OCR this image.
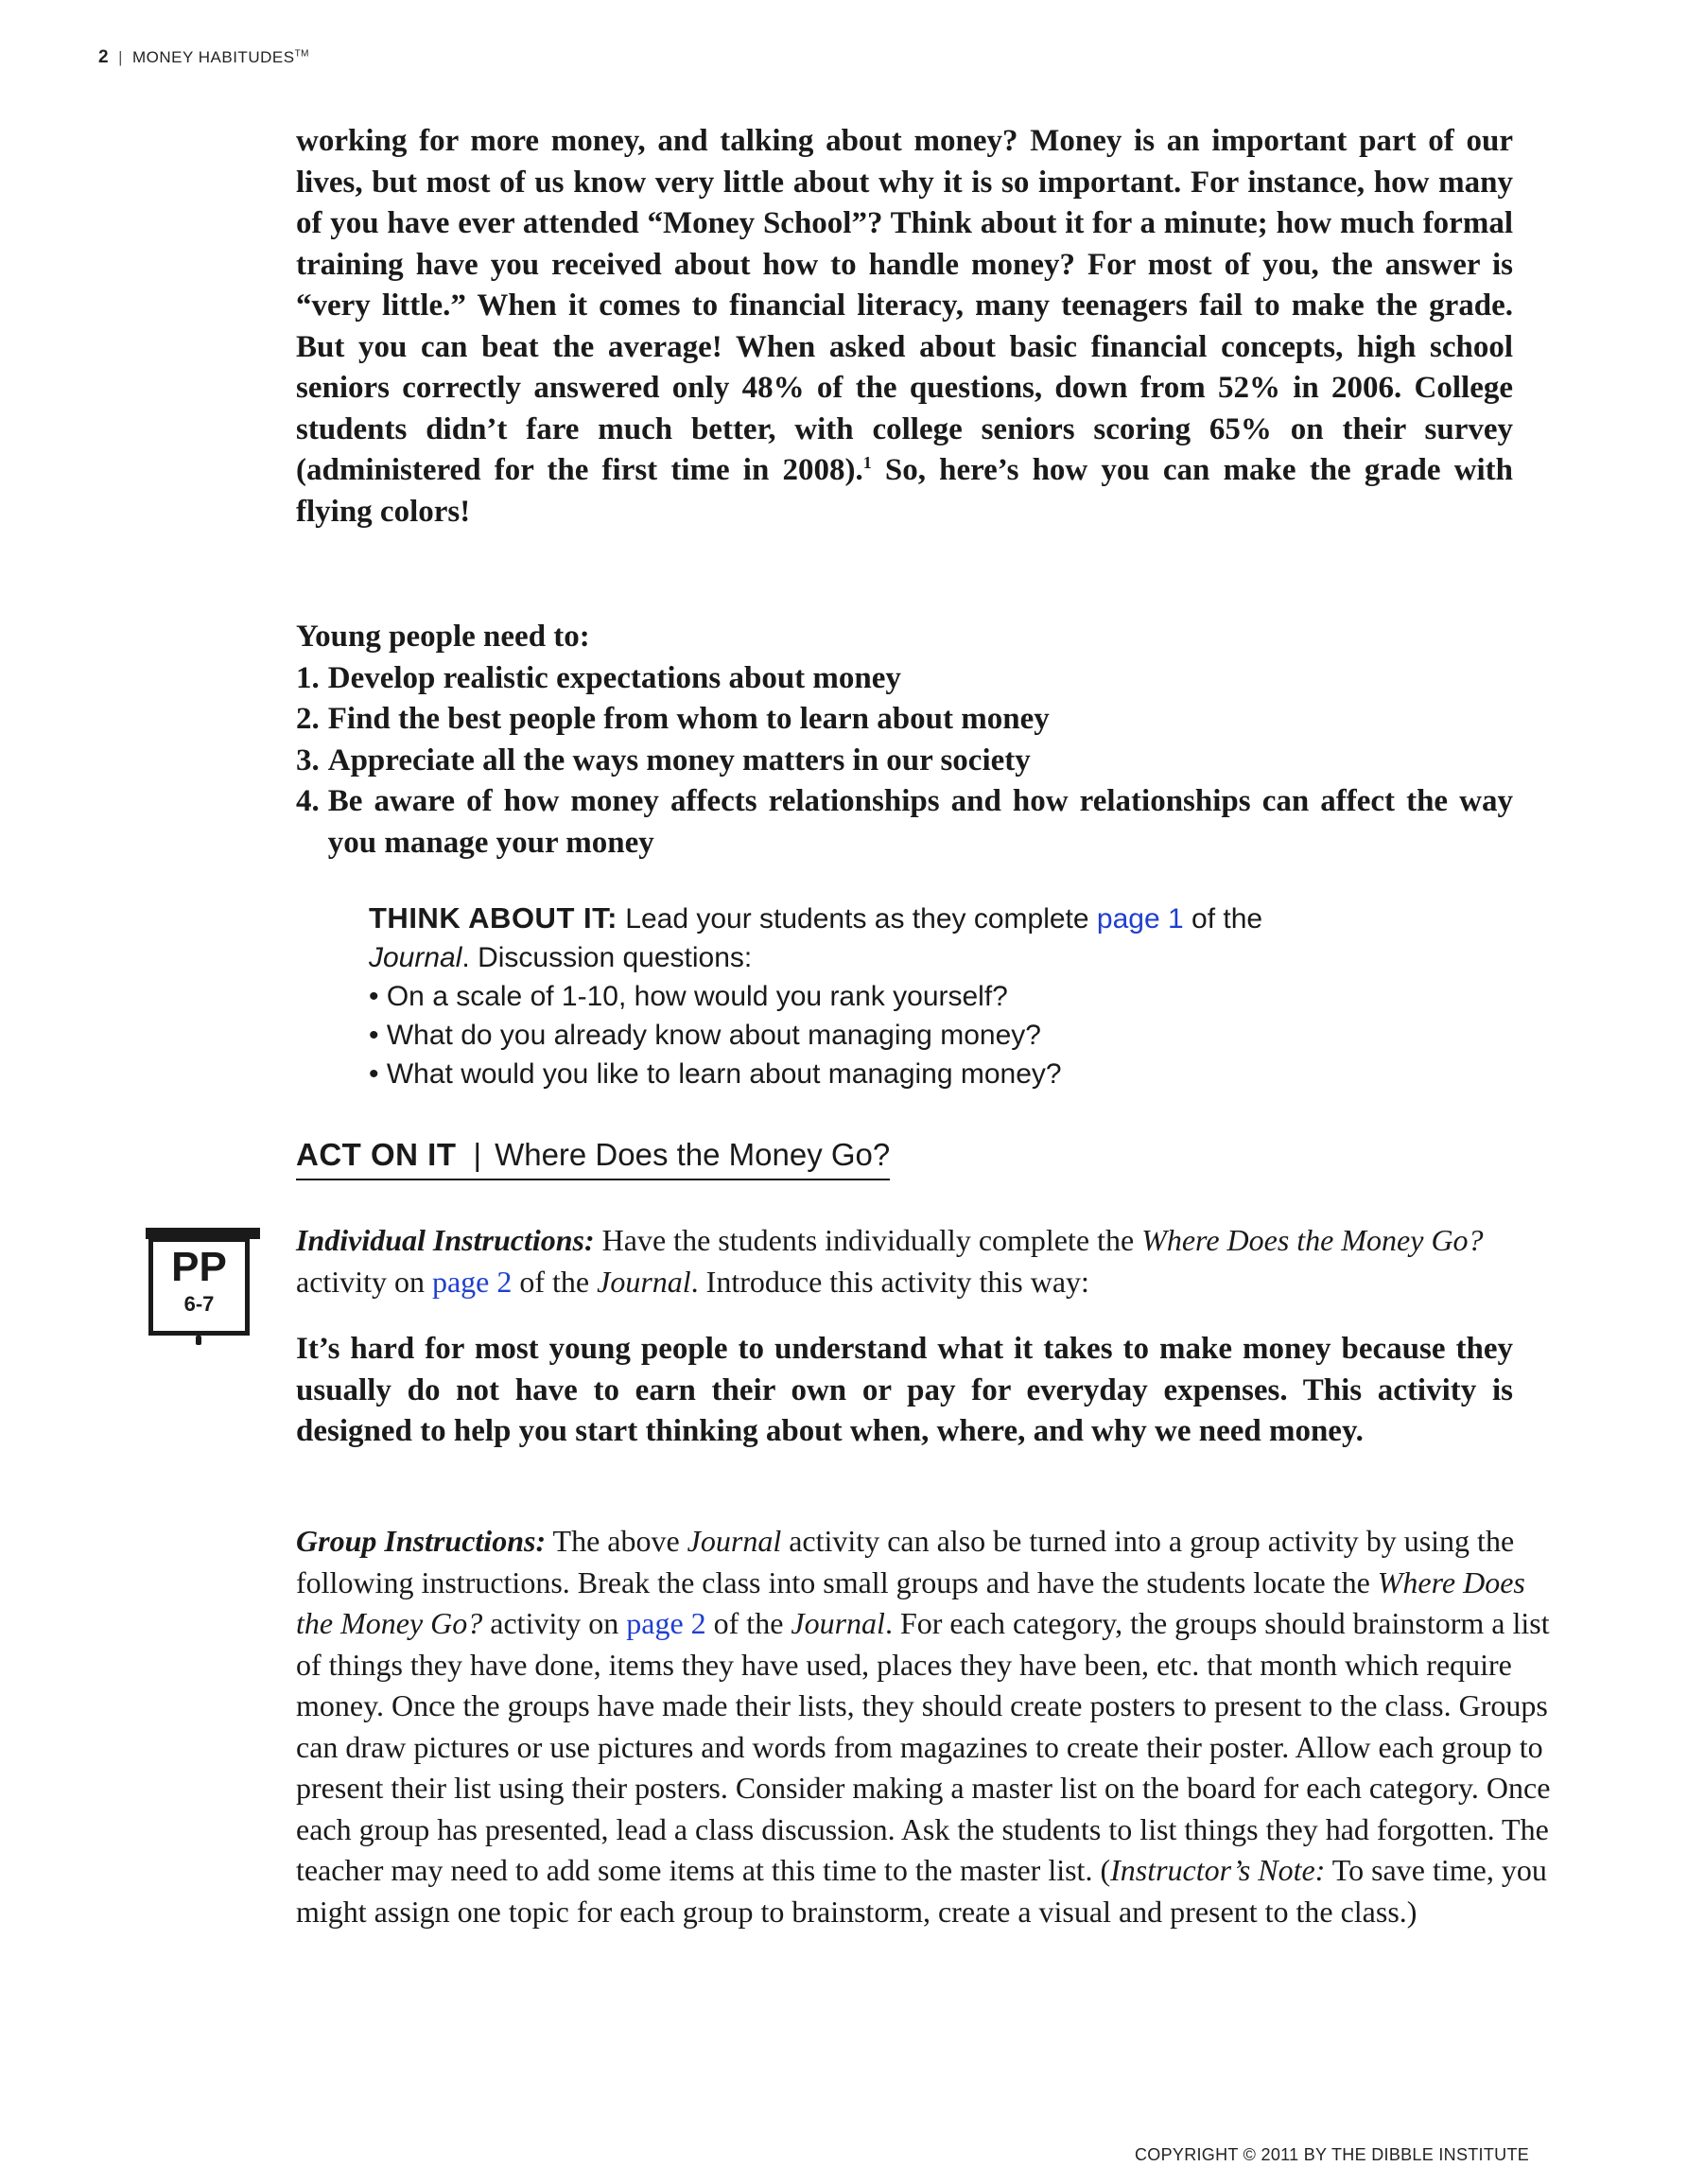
2 | MONEY HABITUDES™
working for more money, and talking about money? Money is an important part of our lives, but most of us know very little about why it is so important. For instance, how many of you have ever attended “Money School”? Think about it for a minute; how much formal training have you received about how to handle money? For most of you, the answer is “very little.” When it comes to financial literacy, many teenagers fail to make the grade. But you can beat the average! When asked about basic financial concepts, high school seniors correctly answered only 48% of the questions, down from 52% in 2006. College students didn’t fare much better, with college seniors scoring 65% on their survey (administered for the first time in 2008).$^1$ So, here’s how you can make the grade with flying colors!
Young people need to:
1. Develop realistic expectations about money
2. Find the best people from whom to learn about money
3. Appreciate all the ways money matters in our society
4. Be aware of how money affects relationships and how relationships can affect the way you manage your money
THINK ABOUT IT: Lead your students as they complete page 1 of the Journal. Discussion questions:
• On a scale of 1-10, how would you rank yourself?
• What do you already know about managing money?
• What would you like to learn about managing money?
ACT ON IT | Where Does the Money Go?
PP
6-7
Individual Instructions: Have the students individually complete the Where Does the Money Go? activity on page 2 of the Journal. Introduce this activity this way:
It’s hard for most young people to understand what it takes to make money because they usually do not have to earn their own or pay for everyday expenses. This activity is designed to help you start thinking about when, where, and why we need money.
Group Instructions: The above Journal activity can also be turned into a group activity by using the following instructions. Break the class into small groups and have the students locate the Where Does the Money Go? activity on page 2 of the Journal. For each category, the groups should brainstorm a list of things they have done, items they have used, places they have been, etc. that month which require money. Once the groups have made their lists, they should create posters to present to the class. Groups can draw pictures or use pictures and words from magazines to create their poster. Allow each group to present their list using their posters. Consider making a master list on the board for each category. Once each group has presented, lead a class discussion. Ask the students to list things they had forgotten. The teacher may need to add some items at this time to the master list. (Instructor’s Note: To save time, you might assign one topic for each group to brainstorm, create a visual and present to the class.)
COPYRIGHT © 2011 BY THE DIBBLE INSTITUTE
